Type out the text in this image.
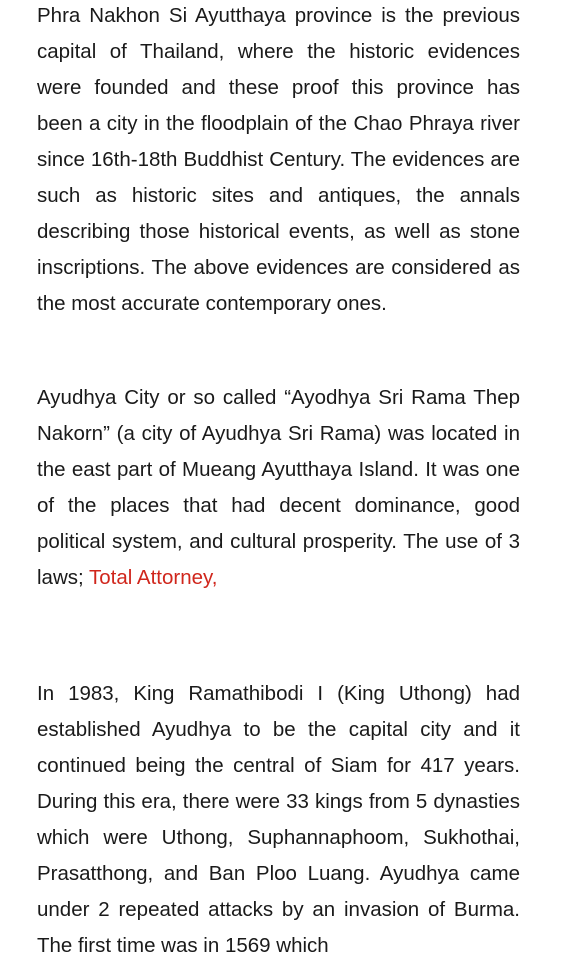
Phra Nakhon Si Ayutthaya province is the previous capital of Thailand, where the historic evidences were founded and these proof this province has been a city in the floodplain of the Chao Phraya river since 16th-18th Buddhist Century. The evidences are such as historic sites and antiques, the annals describing those historical events, as well as stone inscriptions. The above evidences are considered as the most accurate contemporary ones.

Ayudhya City or so called “Ayodhya Sri Rama Thep Nakorn” (a city of Ayudhya Sri Rama) was located in the east part of Mueang Ayutthaya Island. It was one of the places that had decent dominance, good political system, and cultural prosperity. The use of 3 laws; Total Attorney,

In 1983, King Ramathibodi I (King Uthong) had established Ayudhya to be the capital city and it continued being the central of Siam for 417 years. During this era, there were 33 kings from 5 dynasties which were Uthong, Suphannaphoom, Sukhothai, Prasatthong, and Ban Ploo Luang. Ayudhya came under 2 repeated attacks by an invasion of Burma. The first time was in 1569 which
